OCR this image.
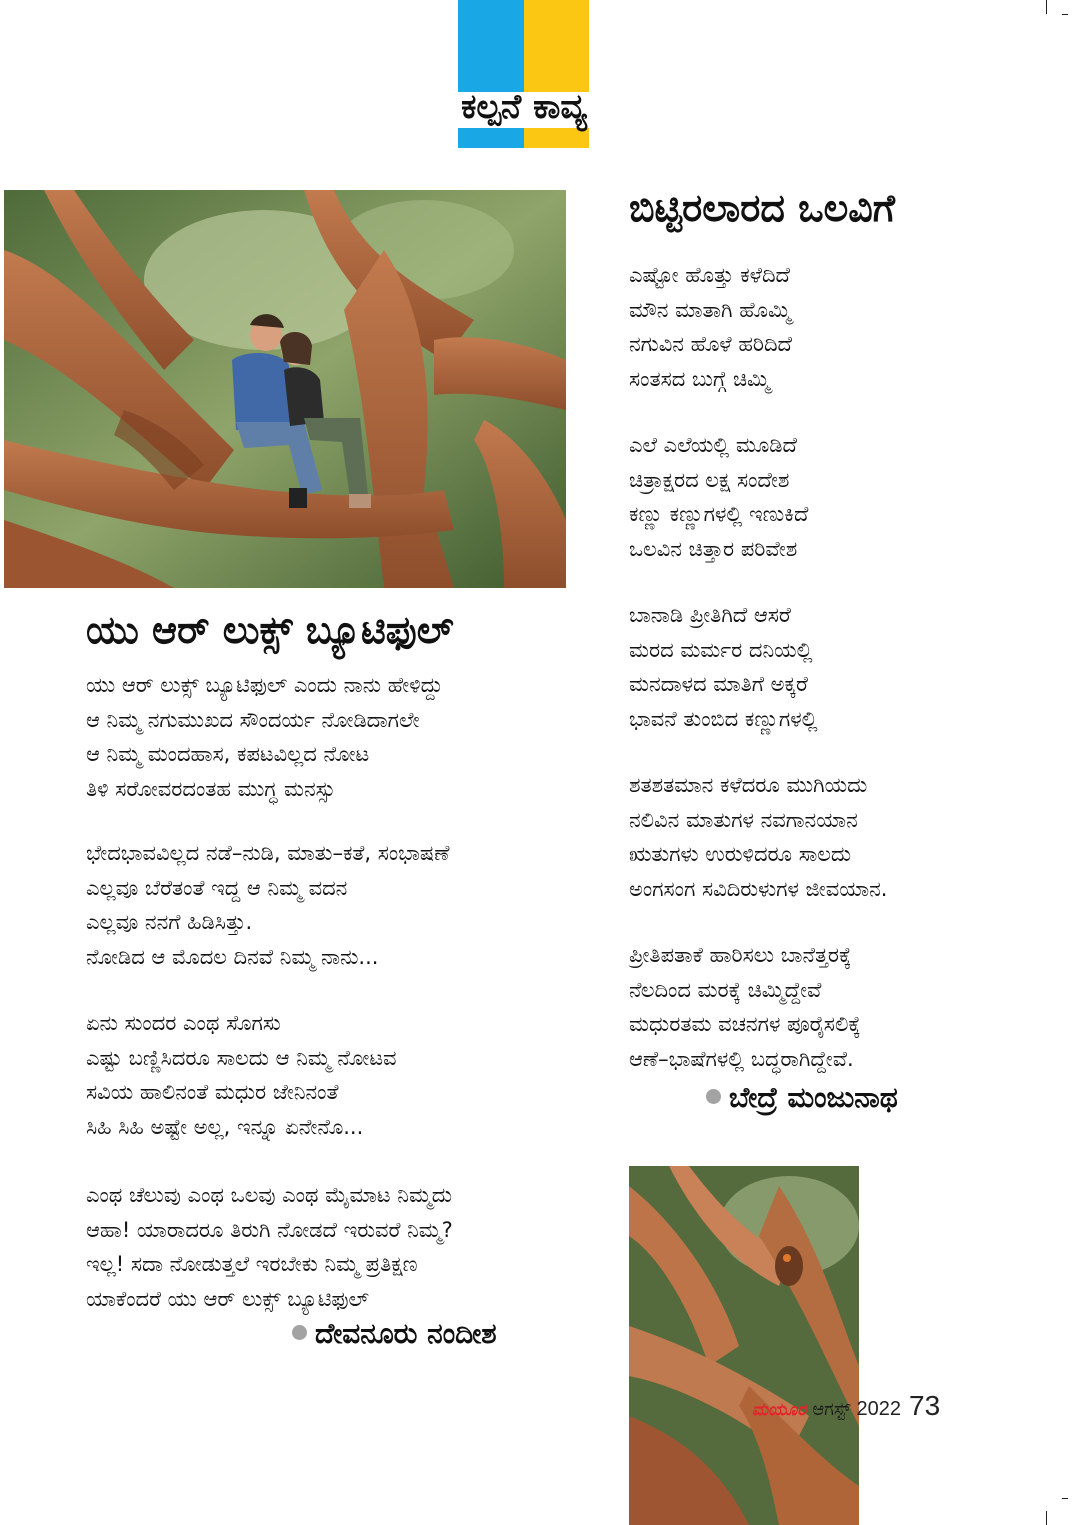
ಕಲ್ಪನೆ ಕಾವ್ಯ
ಯು ಆರ್ ಲುಕ್ಸ್ ಬ್ಯೂಟಿಫುಲ್
ಯು ಆರ್ ಲುಕ್ಸ್ ಬ್ಯೂಟಿಫುಲ್ ಎಂದು ನಾನು ಹೇಳಿದ್ದು
ಆ ನಿಮ್ಮ ನಗುಮುಖದ ಸೌಂದರ್ಯ ನೋಡಿದಾಗಲೇ
ಆ ನಿಮ್ಮ ಮಂದಹಾಸ, ಕಪಟವಿಲ್ಲದ ನೋಟ
ತಿಳಿ ಸರೋವರದಂತಹ ಮುಗ್ಧ ಮನಸ್ಸು
ಭೇದಭಾವವಿಲ್ಲದ ನಡೆ–ನುಡಿ, ಮಾತು–ಕತೆ, ಸಂಭಾಷಣೆ
ಎಲ್ಲವೂ ಬೆರೆತಂತೆ ಇದ್ದ ಆ ನಿಮ್ಮ ವದನ
ಎಲ್ಲವೂ ನನಗೆ ಹಿಡಿಸಿತ್ತು.
ನೋಡಿದ ಆ ಮೊದಲ ದಿನವೆ ನಿಮ್ಮ ನಾನು...
ಏನು ಸುಂದರ ಎಂಥ ಸೊಗಸು
ಎಷ್ಟು ಬಣ್ಣಿಸಿದರೂ ಸಾಲದು ಆ ನಿಮ್ಮ ನೋಟವ
ಸವಿಯ ಹಾಲಿನಂತೆ ಮಧುರ ಜೇನಿನಂತೆ
ಸಿಹಿ ಸಿಹಿ ಅಷ್ಟೇ ಅಲ್ಲ, ಇನ್ನೂ ಏನೇನೊ...
ಎಂಥ ಚೆಲುವು ಎಂಥ ಒಲವು ಎಂಥ ಮೈಮಾಟ ನಿಮ್ಮದು
ಆಹಾ! ಯಾರಾದರೂ ತಿರುಗಿ ನೋಡದೆ ಇರುವರೆ ನಿಮ್ಮ?
ಇಲ್ಲ! ಸದಾ ನೋಡುತ್ತಲೆ ಇರಬೇಕು ನಿಮ್ಮ ಪ್ರತಿಕ್ಷಣ
ಯಾಕೆಂದರೆ ಯು ಆರ್ ಲುಕ್ಸ್ ಬ್ಯೂಟಿಫುಲ್
ದೇವನೂರು ನಂದೀಶ
ಬಿಟ್ಟಿರಲಾರದ ಒಲವಿಗೆ
ಎಷ್ಟೋ ಹೊತ್ತು ಕಳೆದಿದೆ
ಮೌನ ಮಾತಾಗಿ ಹೊಮ್ಮಿ
ನಗುವಿನ ಹೊಳೆ ಹರಿದಿದೆ
ಸಂತಸದ ಬುಗ್ಗೆ ಚಿಮ್ಮಿ
ಎಲೆ ಎಲೆಯಲ್ಲಿ ಮೂಡಿದೆ
ಚಿತ್ರಾಕ್ಷರದ ಲಕ್ಷ ಸಂದೇಶ
ಕಣ್ಣು ಕಣ್ಣುಗಳಲ್ಲಿ ಇಣುಕಿದೆ
ಒಲವಿನ ಚಿತ್ತಾರ ಪರಿವೇಶ
ಬಾನಾಡಿ ಪ್ರೀತಿಗಿದೆ ಆಸರೆ
ಮರದ ಮರ್ಮರ ದನಿಯಲ್ಲಿ
ಮನದಾಳದ ಮಾತಿಗೆ ಅಕ್ಕರೆ
ಭಾವನೆ ತುಂಬಿದ ಕಣ್ಣುಗಳಲ್ಲಿ
ಶತಶತಮಾನ ಕಳೆದರೂ ಮುಗಿಯದು
ನಲಿವಿನ ಮಾತುಗಳ ನವಗಾನಯಾನ
ಋತುಗಳು ಉರುಳಿದರೂ ಸಾಲದು
ಅಂಗಸಂಗ ಸವಿದಿರುಳುಗಳ ಜೀವಯಾನ.
ಪ್ರೀತಿಪತಾಕೆ ಹಾರಿಸಲು ಬಾನೆತ್ತರಕ್ಕೆ
ನೆಲದಿಂದ ಮರಕ್ಕೆ ಚಿಮ್ಮಿದ್ದೇವೆ
ಮಧುರತಮ ವಚನಗಳ ಪೂರೈಸಲಿಕ್ಕೆ
ಆಣೆ–ಭಾಷೆಗಳಲ್ಲಿ ಬದ್ಧರಾಗಿದ್ದೇವೆ.
ಬೇದ್ರೆ ಮಂಜುನಾಥ
ಮಯೂರ ಆಗಸ್ಟ್ 2022 73
